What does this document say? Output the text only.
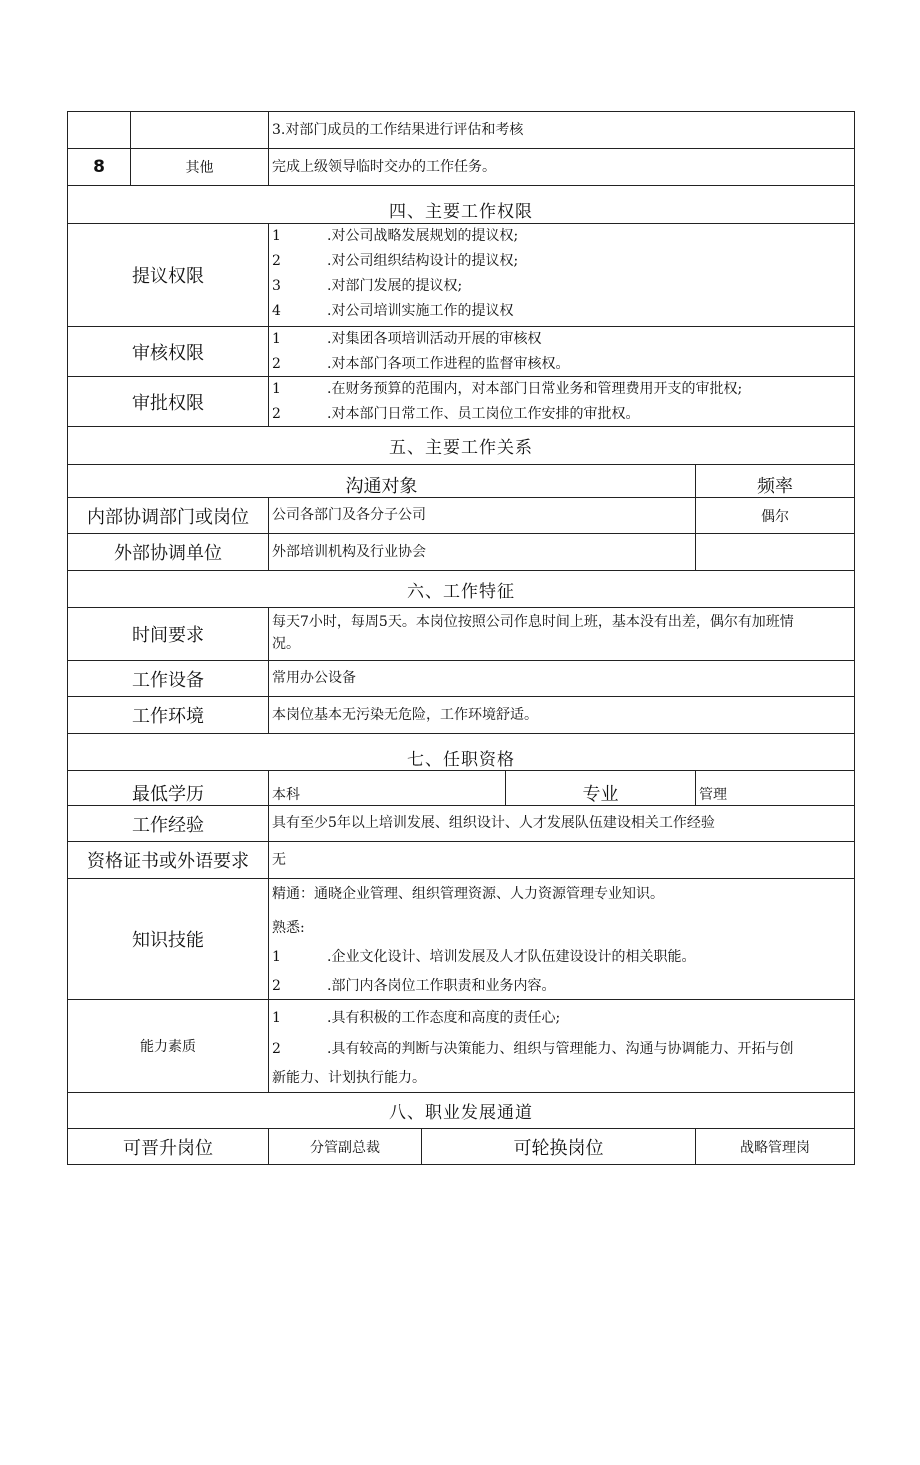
3.对部门成员的工作结果进行评估和考核
8	其他	完成上级领导临时交办的工作任务。
四、主要工作权限
提议权限
1	.对公司战略发展规划的提议权;
2	.对公司组织结构设计的提议权;
3	.对部门发展的提议权;
4	.对公司培训实施工作的提议权
审核权限
1	.对集团各项培训活动开展的审核权
2	.对本部门各项工作进程的监督审核权。
审批权限
1	.在财务预算的范围内，对本部门日常业务和管理费用开支的审批权;
2	.对本部门日常工作、员工岗位工作安排的审批权。
五、主要工作关系
沟通对象	频率
内部协调部门或岗位	公司各部门及各分子公司	偶尔
外部协调单位	外部培训机构及行业协会
六、工作特征
时间要求
每天7小时，每周5天。本岗位按照公司作息时间上班，基本没有出差，偶尔有加班情
况。
工作设备	常用办公设备
工作环境	本岗位基本无污染无危险，工作环境舒适。
七、任职资格
最低学历	本科	专业	管理
工作经验	具有至少5年以上培训发展、组织设计、人才发展队伍建设相关工作经验
资格证书或外语要求	无
知识技能
精通：通晓企业管理、组织管理资源、人力资源管理专业知识。
熟悉:
1	.企业文化设计、培训发展及人才队伍建设设计的相关职能。
2	.部门内各岗位工作职责和业务内容。
能力素质
1	.具有积极的工作态度和高度的责任心;
2	.具有较高的判断与决策能力、组织与管理能力、沟通与协调能力、开拓与创
新能力、计划执行能力。
八、职业发展通道
可晋升岗位	分管副总裁	可轮换岗位	战略管理岗
